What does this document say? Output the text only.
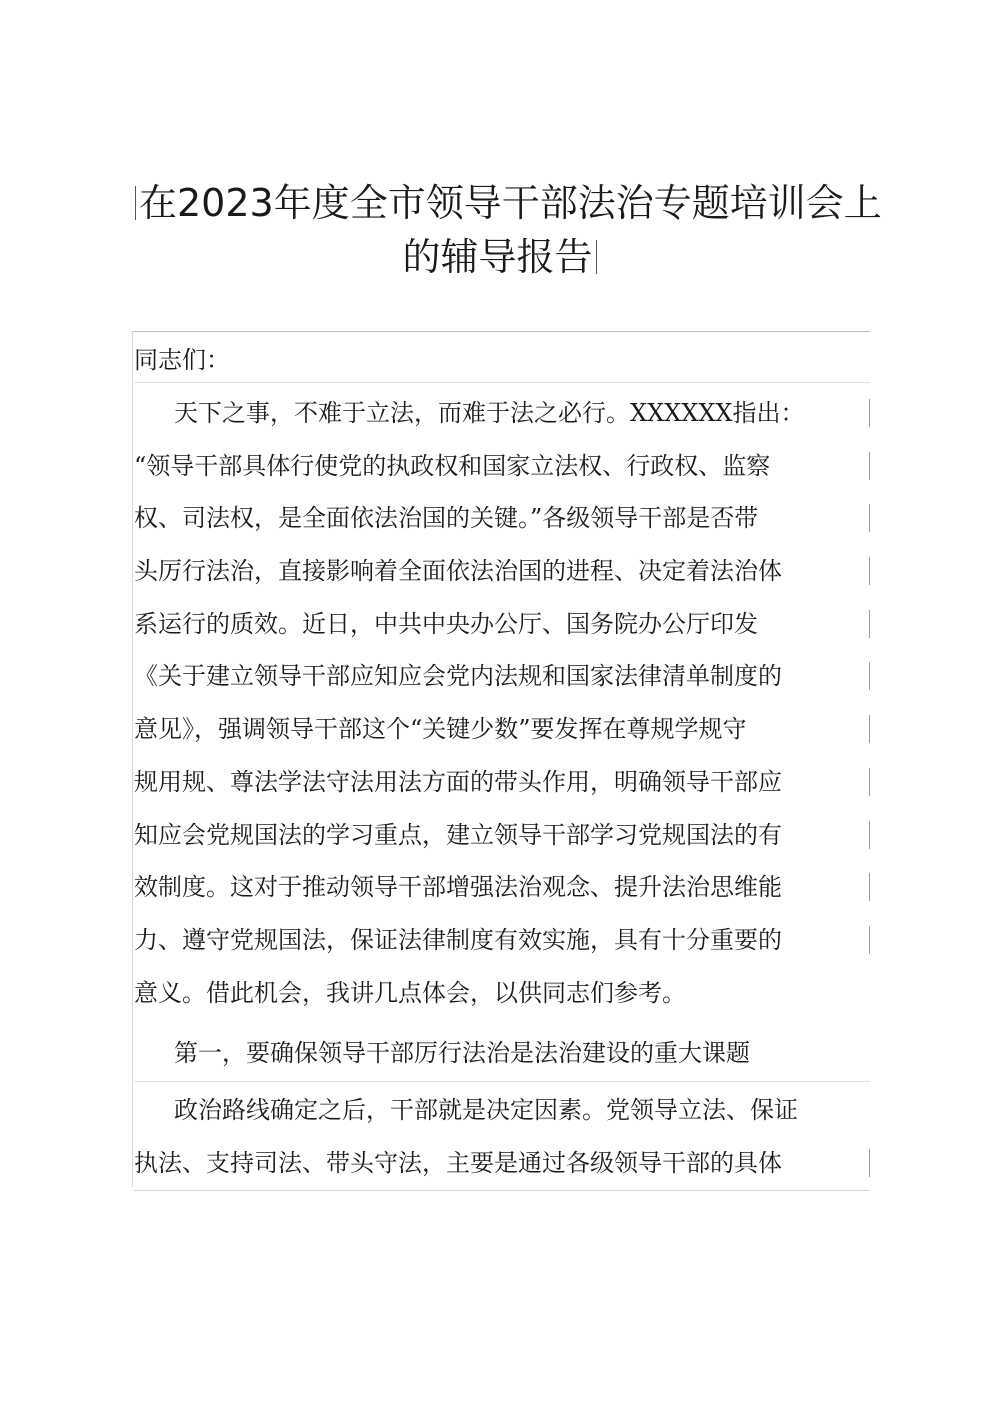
在2023年度全市领导干部法治专题培训会上
的辅导报告
同志们：
天下之事，不难于立法，而难于法之必行。XXXXXX指出：
“领导干部具体行使党的执政权和国家立法权、行政权、监察
权、司法权，是全面依法治国的关键。”各级领导干部是否带
头厉行法治，直接影响着全面依法治国的进程、决定着法治体
系运行的质效。近日，中共中央办公厅、国务院办公厅印发
《关于建立领导干部应知应会党内法规和国家法律清单制度的
意见》，强调领导干部这个“关键少数”要发挥在尊规学规守
规用规、尊法学法守法用法方面的带头作用，明确领导干部应
知应会党规国法的学习重点，建立领导干部学习党规国法的有
效制度。这对于推动领导干部增强法治观念、提升法治思维能
力、遵守党规国法，保证法律制度有效实施，具有十分重要的
意义。借此机会，我讲几点体会，以供同志们参考。
第一，要确保领导干部厉行法治是法治建设的重大课题
政治路线确定之后，干部就是决定因素。党领导立法、保证
执法、支持司法、带头守法，主要是通过各级领导干部的具体
